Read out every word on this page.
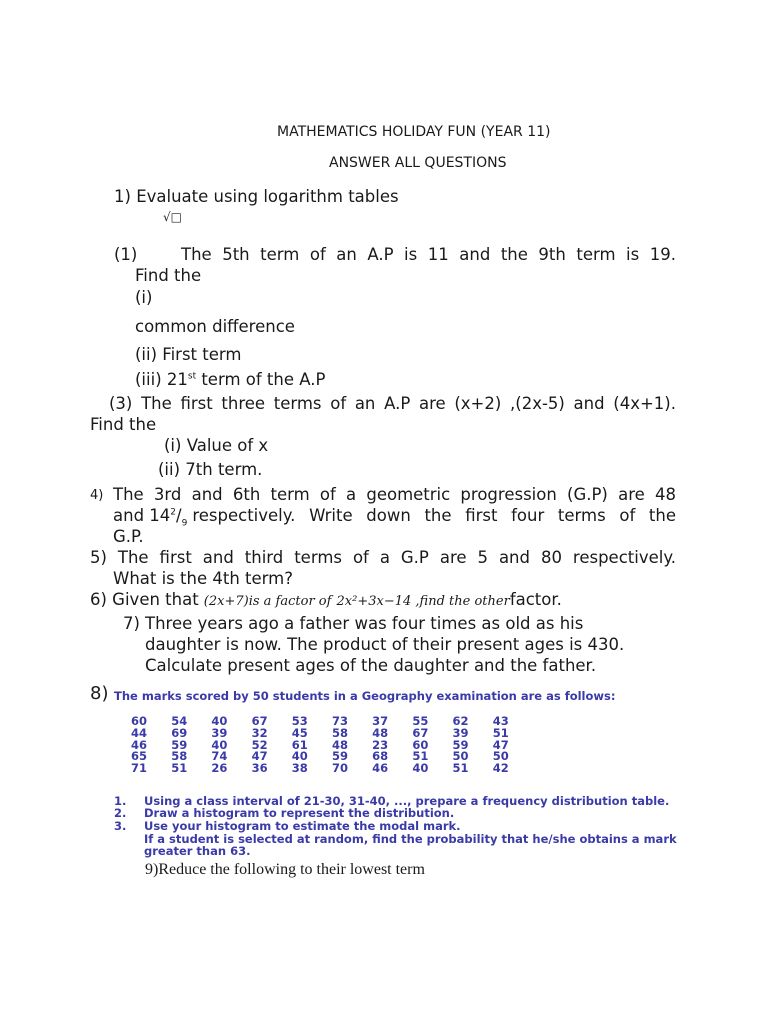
MATHEMATICS HOLIDAY FUN (YEAR 11)
ANSWER ALL QUESTIONS
1) Evaluate using logarithm tables
√□
(1)	The 5th term of an A.P is 11 and the 9th term is 19.
Find the
(i)
common difference
(ii) First term
(iii) 21st term of the A.P
(3) The first three terms of an A.P are (x+2) ,(2x-5) and (4x+1).
Find the
(i) Value of x
(ii) 7th term.
4) The 3rd and 6th term of a geometric progression (G.P) are 48
and $14^2/_9$ respectively. Write down the first four terms of the
G.P.
5) The first and third terms of a G.P are 5 and 80 respectively.
What is the 4th term?
6) Given that (2x+7)is a factor of 2x²+3x−14 ,find the otherfactor.
7) Three years ago a father was four times as old as his
daughter is now. The product of their present ages is 430.
Calculate present ages of the daughter and the father.
8) The marks scored by 50 students in a Geography examination are as follows:
60	54	40	67	53	73	37	55	62	43
44	69	39	32	45	58	48	67	39	51
46	59	40	52	61	48	23	60	59	47
65	58	74	47	40	59	68	51	50	50
71	51	26	36	38	70	46	40	51	42
1. Using a class interval of 21-30, 31-40, ..., prepare a frequency distribution table.
2. Draw a histogram to represent the distribution.
3. Use your histogram to estimate the modal mark.
If a student is selected at random, find the probability that he/she obtains a mark
greater than 63.
9)Reduce the following to their lowest term
